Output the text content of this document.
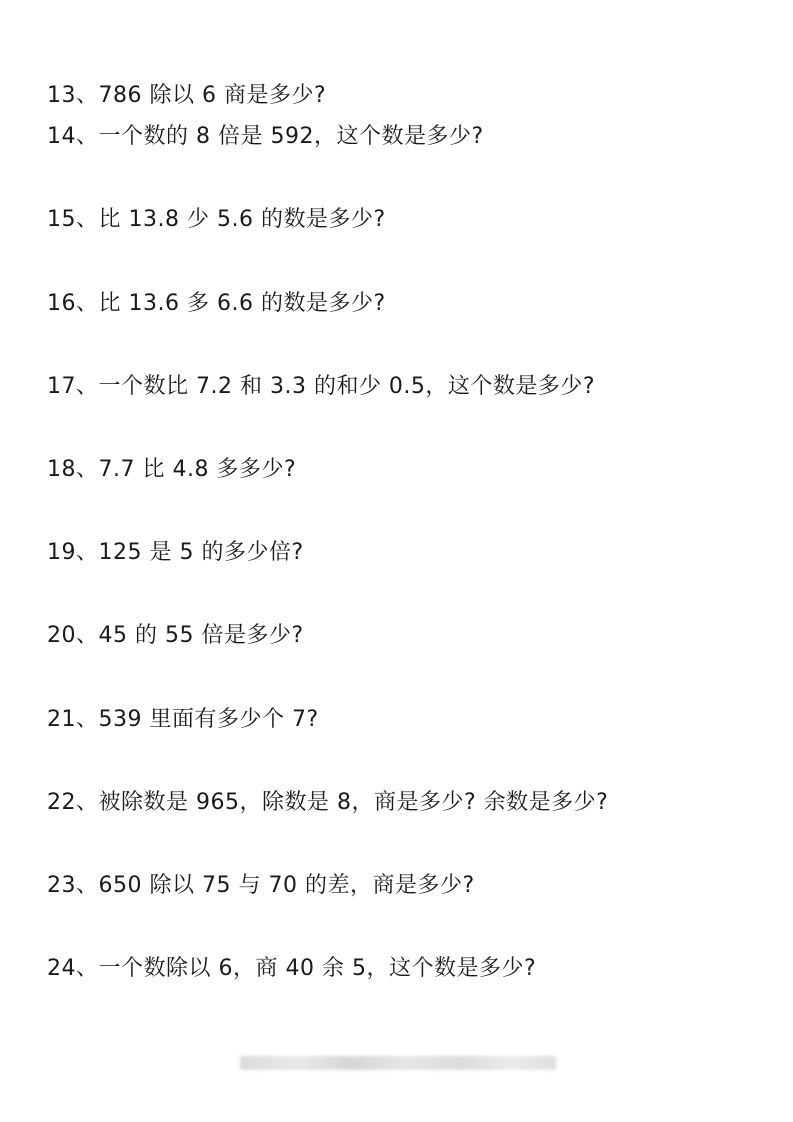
13、786 除以 6 商是多少?
14、一个数的 8 倍是 592，这个数是多少?
15、比 13.8 少 5.6 的数是多少?
16、比 13.6 多 6.6 的数是多少?
17、一个数比 7.2 和 3.3 的和少 0.5，这个数是多少?
18、7.7 比 4.8 多多少?
19、125 是 5 的多少倍?
20、45 的 55 倍是多少?
21、539 里面有多少个 7?
22、被除数是 965，除数是 8，商是多少? 余数是多少?
23、650 除以 75 与 70 的差，商是多少?
24、一个数除以 6，商 40 余 5，这个数是多少?
